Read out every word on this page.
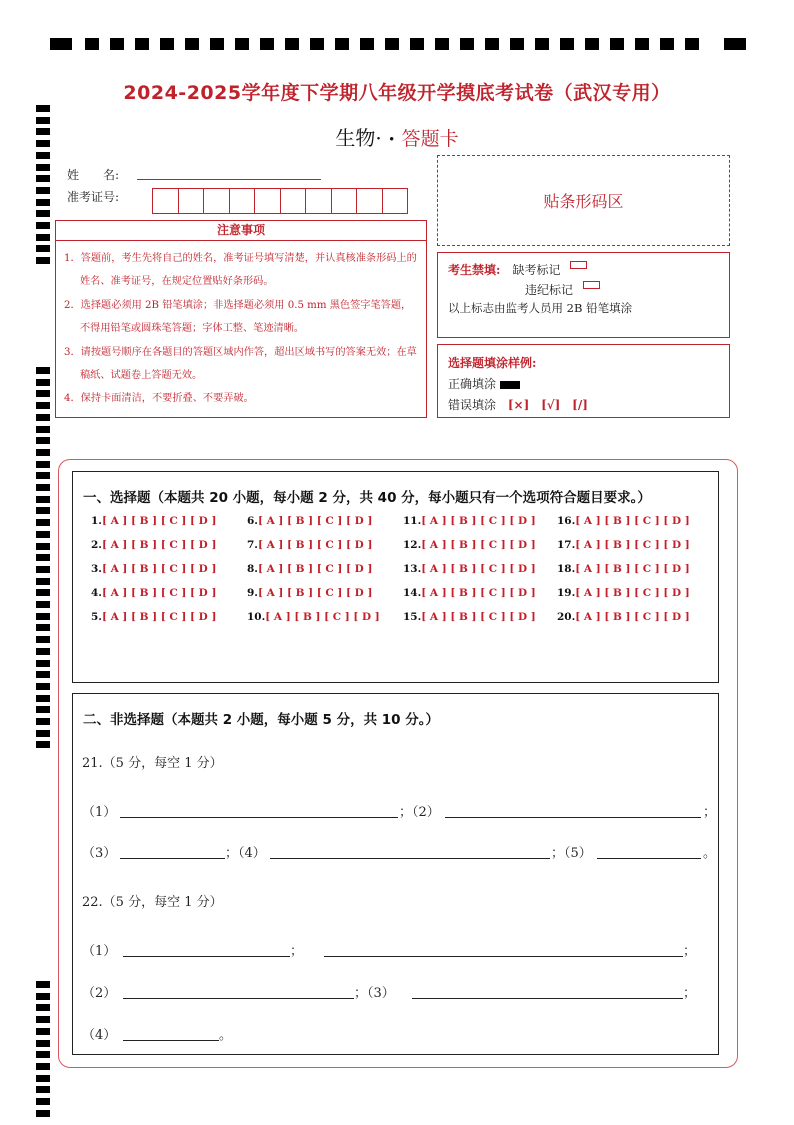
2024-2025学年度下学期八年级开学摸底考试卷（武汉专用）
生物· • 答题卡
姓　　名:
准考证号:	贴条形码区
注意事项

1．答题前，考生先将自己的姓名，准考证号填写清楚，并认真核准条形码上的姓名、准考证号，在规定位置贴好条形码。

2．选择题必须用 2B 铅笔填涂；非选择题必须用 0.5 mm 黑色签字笔答题，不得用铅笔或圆珠笔答题；字体工整、笔迹清晰。

3．请按题号顺序在各题目的答题区域内作答，超出区域书写的答案无效；在草稿纸、试题卷上答题无效。

4．保持卡面清洁，不要折叠、不要弄破。

考生禁填: 缺考标记
违纪标记
以上标志由监考人员用 2B 铅笔填涂
选择题填涂样例:
正确填涂
错误填涂 [×] [√] [/]
一、选择题（本题共 20 小题，每小题 2 分，共 40 分，每小题只有一个选项符合题目要求。）
1.[ A ] [ B ] [ C ] [ D ]
2.[ A ] [ B ] [ C ] [ D ]
3.[ A ] [ B ] [ C ] [ D ]
4.[ A ] [ B ] [ C ] [ D ]
5.[ A ] [ B ] [ C ] [ D ]
6.[ A ] [ B ] [ C ] [ D ]
7.[ A ] [ B ] [ C ] [ D ]
8.[ A ] [ B ] [ C ] [ D ]
9.[ A ] [ B ] [ C ] [ D ]
10.[ A ] [ B ] [ C ] [ D ]
11.[ A ] [ B ] [ C ] [ D ]
12.[ A ] [ B ] [ C ] [ D ]
13.[ A ] [ B ] [ C ] [ D ]
14.[ A ] [ B ] [ C ] [ D ]
15.[ A ] [ B ] [ C ] [ D ]
16.[ A ] [ B ] [ C ] [ D ]
17.[ A ] [ B ] [ C ] [ D ]
18.[ A ] [ B ] [ C ] [ D ]
19.[ A ] [ B ] [ C ] [ D ]
20.[ A ] [ B ] [ C ] [ D ]
二、非选择题（本题共 2 小题，每小题 5 分，共 10 分。）
21.（5 分，每空 1 分）
（1）	；（2）	；
（3）	；（4）	；（5）	。
22.（5 分，每空 1 分）
（1）	；	；
（2）	；（3）	；
（4）	。
